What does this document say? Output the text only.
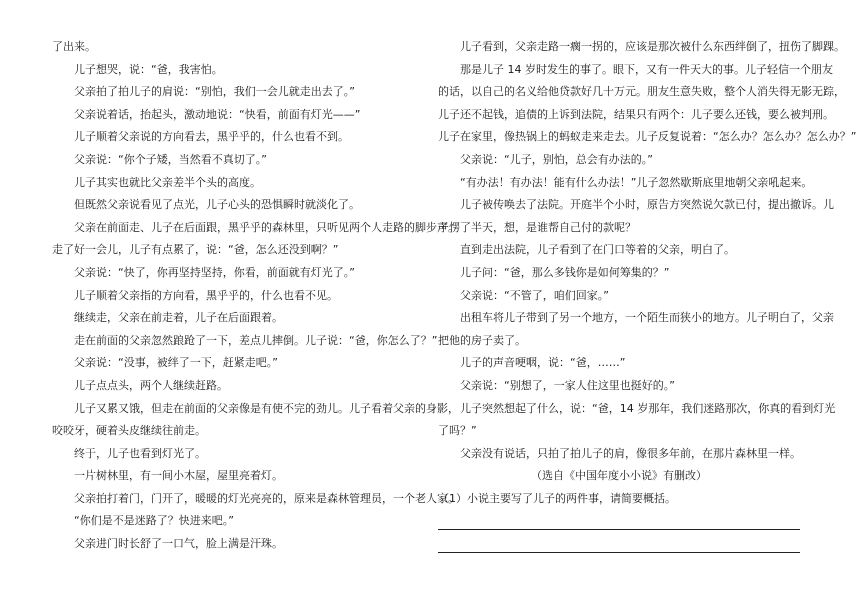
了出来。
儿子想哭，说：“爸，我害怕。
父亲拍了拍儿子的肩说：“别怕，我们一会儿就走出去了。”
父亲说着话，抬起头，激动地说：“快看，前面有灯光——”
儿子顺着父亲说的方向看去，黑乎乎的，什么也看不到。
父亲说：“你个子矮，当然看不真切了。”
儿子其实也就比父亲差半个头的高度。
但既然父亲说看见了点光，儿子心头的恐惧瞬时就淡化了。
父亲在前面走、儿子在后面跟，黑乎乎的森林里，只听见两个人走路的脚步声。
走了好一会儿，儿子有点累了，说：“爸，怎么还没到啊？”
父亲说：“快了，你再坚持坚持，你看，前面就有灯光了。”
儿子顺着父亲指的方向看，黑乎乎的，什么也看不见。
继续走，父亲在前走着，儿子在后面跟着。
走在前面的父亲忽然踉跄了一下，差点儿摔倒。儿子说：“爸，你怎么了？”
父亲说：“没事，被绊了一下，赶紧走吧。”
儿子点点头，两个人继续赶路。
儿子又累又饿，但走在前面的父亲像是有使不完的劲儿。儿子看着父亲的身影，
咬咬牙，硬着头皮继续往前走。
终于，儿子也看到灯光了。
一片树林里，有一间小木屋，屋里亮着灯。
父亲拍打着门，门开了，暖暖的灯光亮亮的，原来是森林管理员，一个老人家。
“你们是不是迷路了？快进来吧。”
父亲进门时长舒了一口气，脸上满是汗珠。
儿子看到，父亲走路一瘸一拐的，应该是那次被什么东西绊倒了，扭伤了脚踝。
那是儿子 14 岁时发生的事了。眼下，又有一件天大的事。儿子轻信一个朋友
的话，以自己的名义给他贷款好几十万元。朋友生意失败，整个人消失得无影无踪，
儿子还不起钱，追债的上诉到法院，结果只有两个：儿子要么还钱，要么被判刑。
儿子在家里，像热锅上的蚂蚁走来走去。儿子反复说着：“怎么办？怎么办？怎么办？”
父亲说：“儿子，别怕，总会有办法的。”
“有办法！有办法！能有什么办法！”儿子忽然歇斯底里地朝父亲吼起来。
儿子被传唤去了法院。开庭半个小时，原告方突然说欠款已付，提出撤诉。儿
子愣了半天，想，是谁帮自己付的款呢？
直到走出法院，儿子看到了在门口等着的父亲，明白了。
儿子问：“爸，那么多钱你是如何筹集的？”
父亲说：“不管了，咱们回家。”
出租车将儿子带到了另一个地方，一个陌生而狭小的地方。儿子明白了，父亲
把他的房子卖了。
儿子的声音哽咽，说：“爸，……”
父亲说：“别想了，一家人住这里也挺好的。”
儿子突然想起了什么，说：“爸，14 岁那年，我们迷路那次，你真的看到灯光
了吗？”
父亲没有说话，只拍了拍儿子的肩，像很多年前，在那片森林里一样。
（选自《中国年度小小说》有删改）
（1）小说主要写了儿子的两件事，请简要概括。
